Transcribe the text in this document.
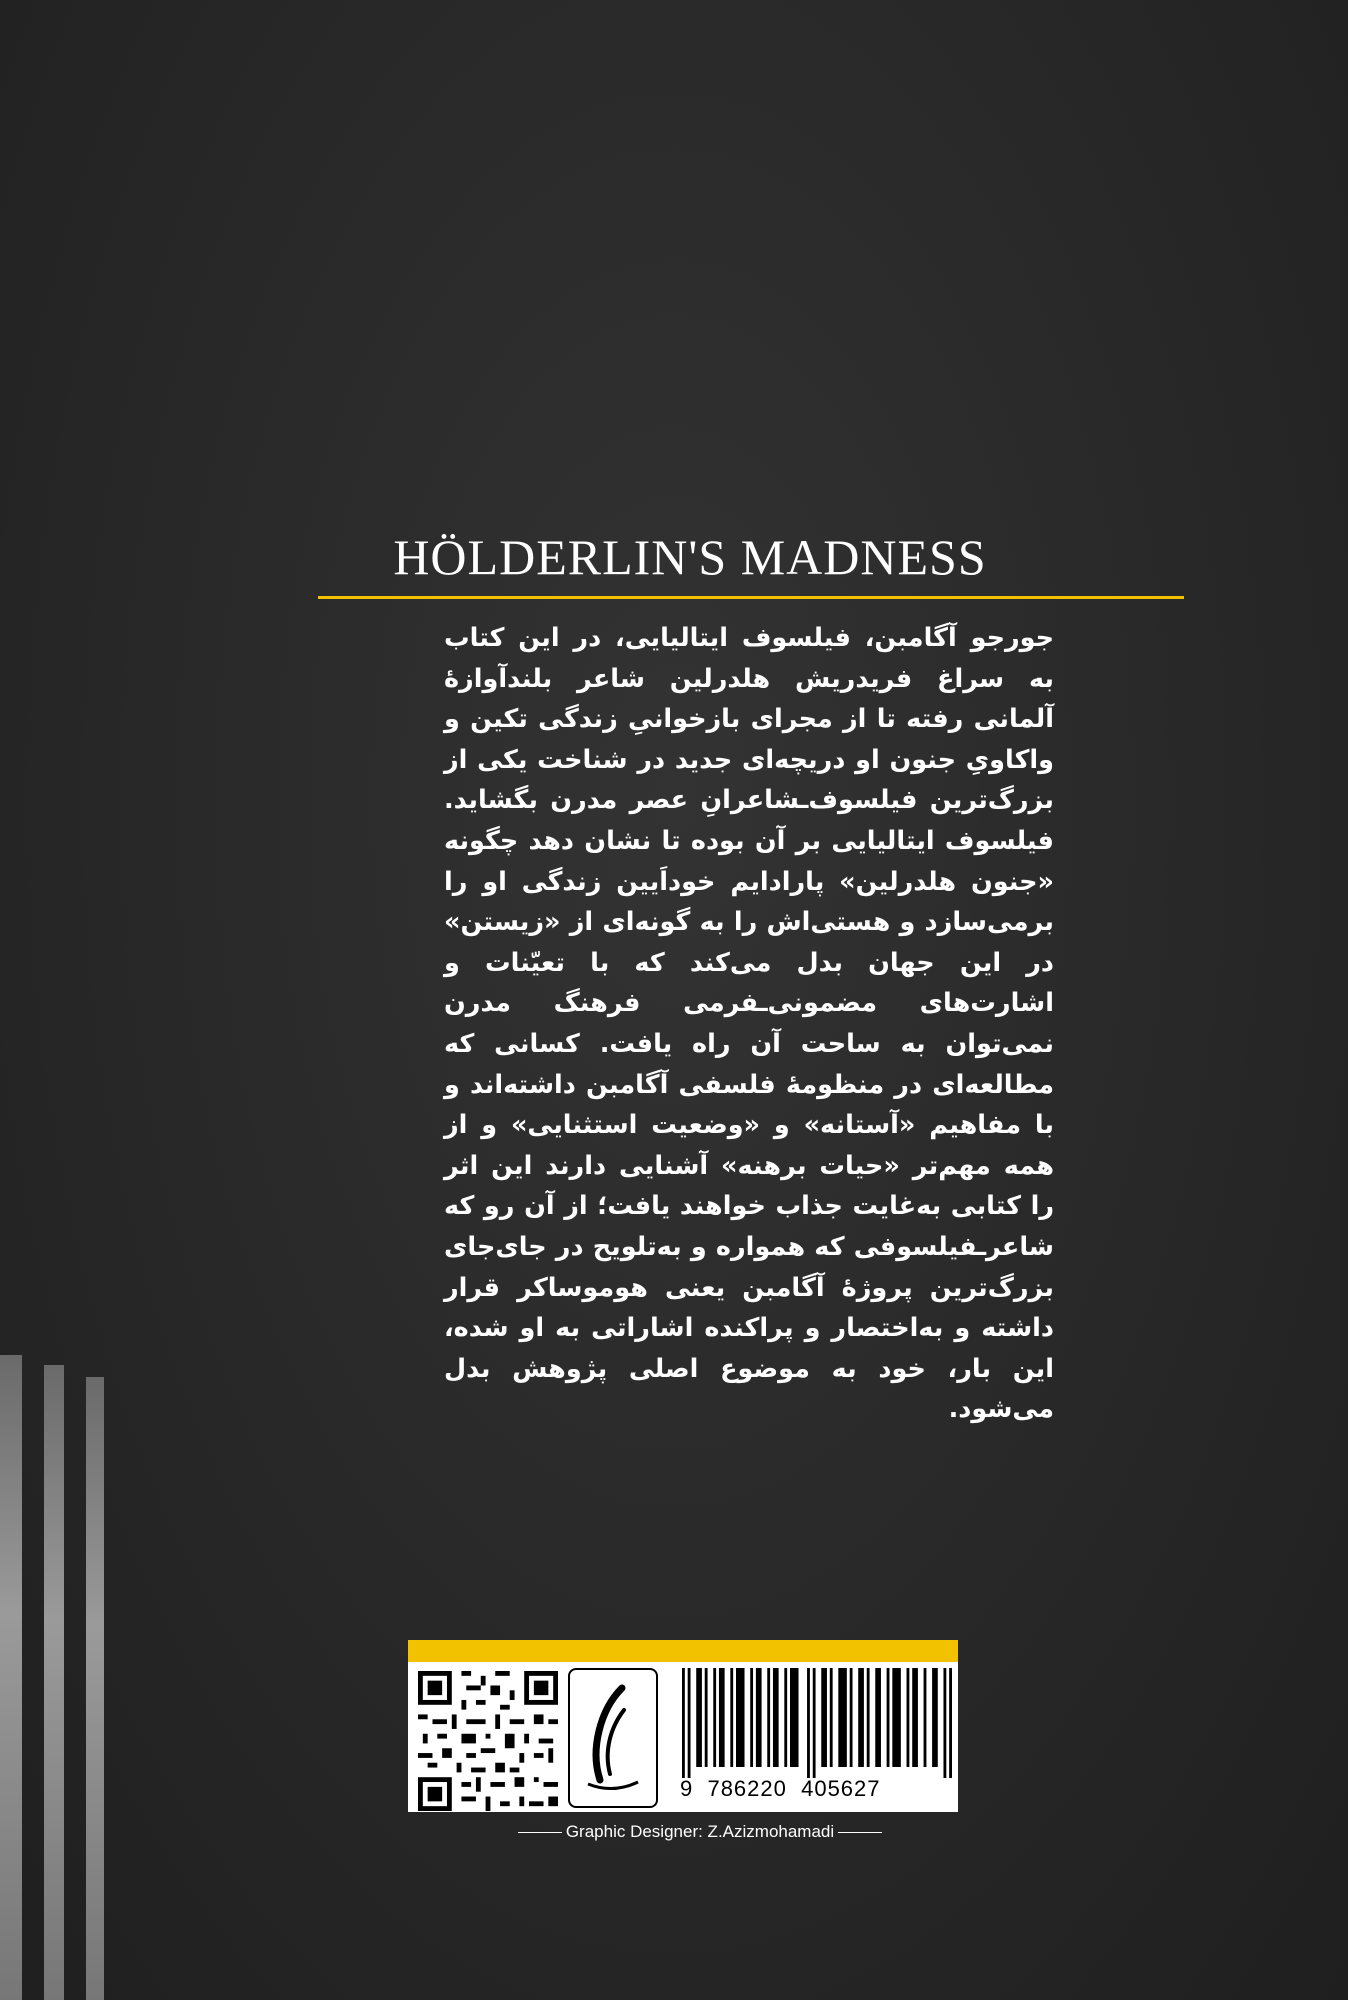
HÖLDERLIN'S MADNESS

جورجو آگامبن، فیلسوف ایتالیایی، در این کتاب به سراغ فریدریش هلدرلین شاعر بلندآوازهٔ آلمانی رفته تا از مجرای بازخوانیِ زندگی تکین و واکاویِ جنون او دریچه‌ای جدید در شناخت یکی از بزرگ‌ترین فیلسوف‌ـشاعرانِ عصر مدرن بگشاید. فیلسوف ایتالیایی بر آن بوده تا نشان دهد چگونه «جنون هلدرلین» پارادایم خوداَیین زندگی او را برمی‌سازد و هستی‌اش را به گونه‌ای از «زیستن» در این جهان بدل می‌کند که با تعیّنات و اشارت‌های مضمونی‌ـفرمی فرهنگ مدرن نمی‌توان به ساحت آن راه یافت. کسانی که مطالعه‌ای در منظومهٔ فلسفی آگامبن داشته‌اند و با مفاهیم «آستانه» و «وضعیت استثنایی» و از همه مهم‌تر «حیات برهنه» آشنایی دارند این اثر را کتابی به‌غایت جذاب خواهند یافت؛ از آن رو که شاعرـفیلسوفی که همواره و به‌تلویح در جای‌جای بزرگ‌ترین پروژهٔ آگامبن یعنی هوموساکر قرار داشته و به‌اختصار و پراکنده اشاراتی به او شده، این بار، خود به موضوع اصلی پژوهش بدل می‌شود.

9  786220  405627
Graphic Designer: Z.Azizmohamadi
